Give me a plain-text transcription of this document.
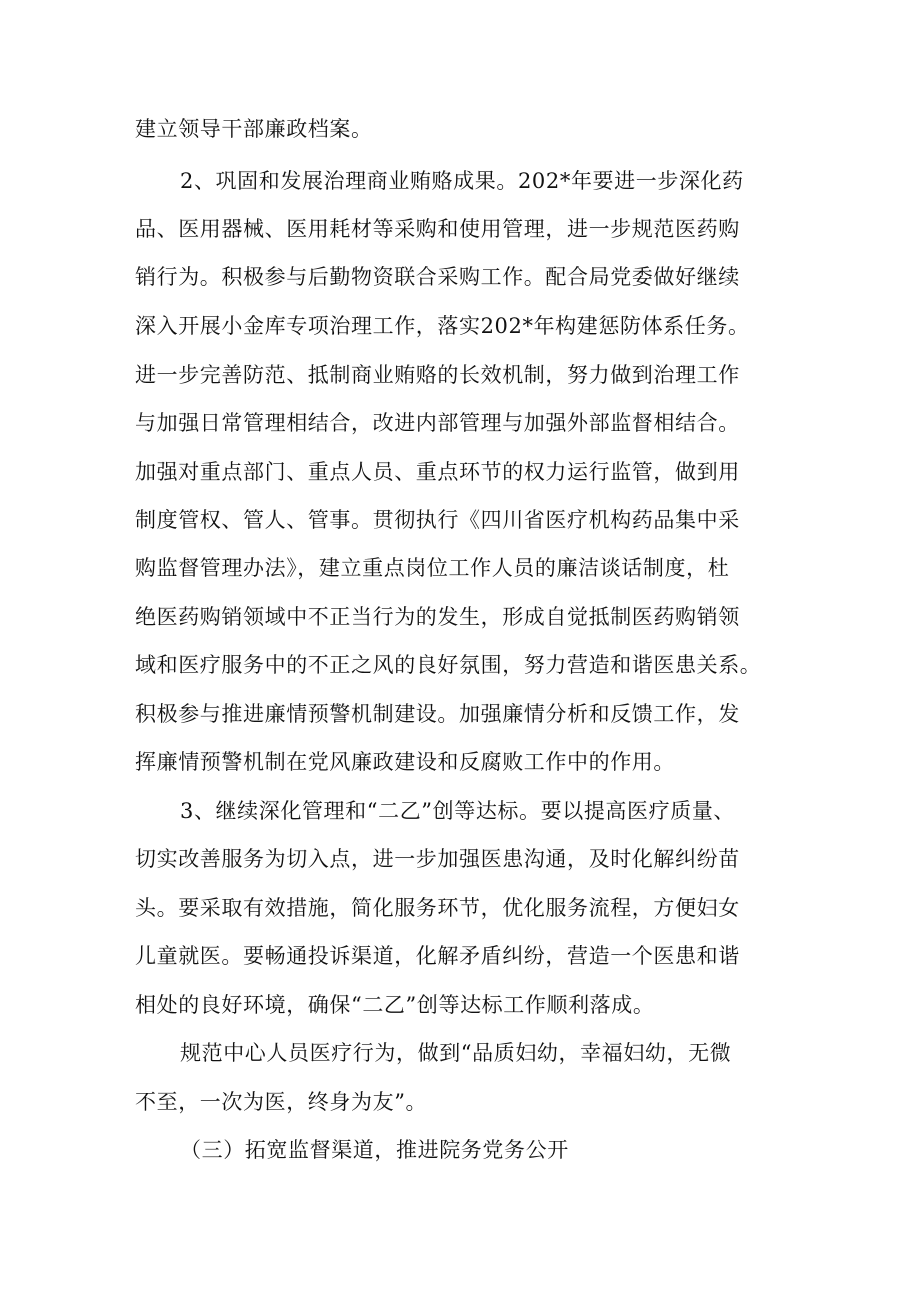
建立领导干部廉政档案。
2、巩固和发展治理商业贿赂成果。202*年要进一步深化药
品、医用器械、医用耗材等采购和使用管理，进一步规范医药购
销行为。积极参与后勤物资联合采购工作。配合局党委做好继续
深入开展小金库专项治理工作，落实202*年构建惩防体系任务。
进一步完善防范、抵制商业贿赂的长效机制，努力做到治理工作
与加强日常管理相结合，改进内部管理与加强外部监督相结合。
加强对重点部门、重点人员、重点环节的权力运行监管，做到用
制度管权、管人、管事。贯彻执行《四川省医疗机构药品集中采
购监督管理办法》，建立重点岗位工作人员的廉洁谈话制度，杜
绝医药购销领域中不正当行为的发生，形成自觉抵制医药购销领
域和医疗服务中的不正之风的良好氛围，努力营造和谐医患关系。
积极参与推进廉情预警机制建设。加强廉情分析和反馈工作，发
挥廉情预警机制在党风廉政建设和反腐败工作中的作用。
3、继续深化管理和“二乙”创等达标。要以提高医疗质量、
切实改善服务为切入点，进一步加强医患沟通，及时化解纠纷苗
头。要采取有效措施，简化服务环节，优化服务流程，方便妇女
儿童就医。要畅通投诉渠道，化解矛盾纠纷，营造一个医患和谐
相处的良好环境，确保“二乙”创等达标工作顺利落成。
规范中心人员医疗行为，做到“品质妇幼，幸福妇幼，无微
不至，一次为医，终身为友”。
（三）拓宽监督渠道，推进院务党务公开
